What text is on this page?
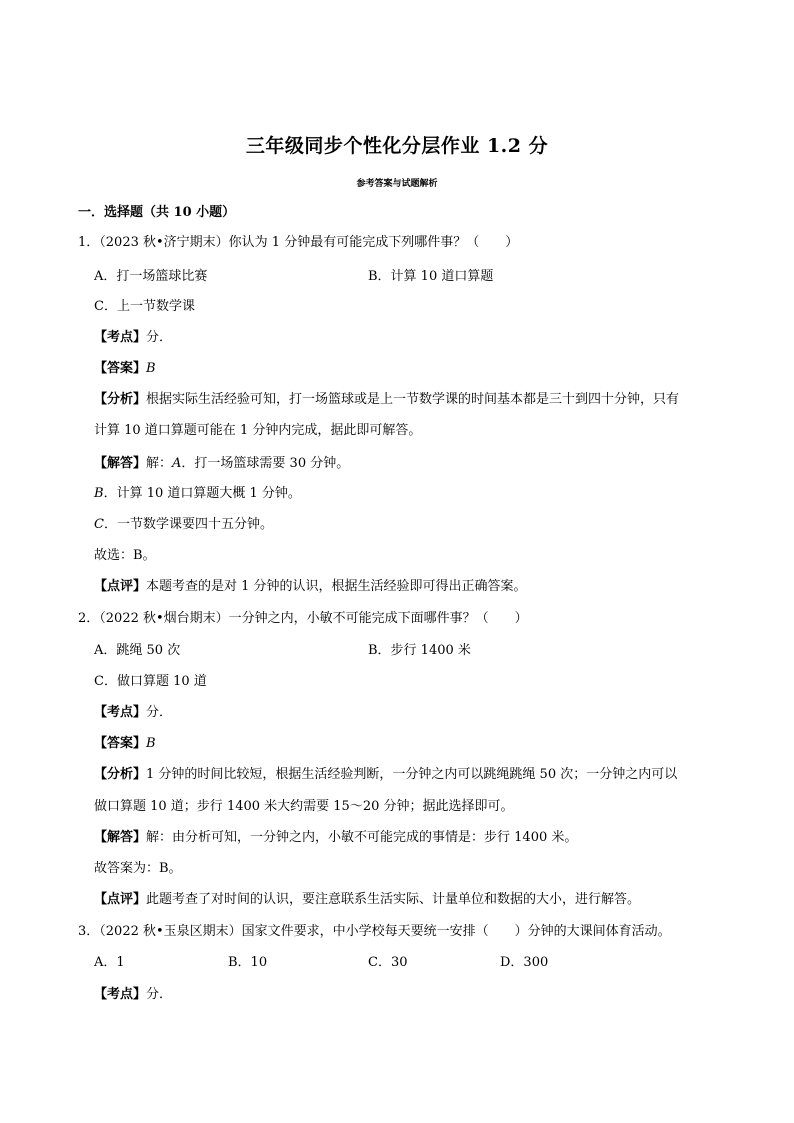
三年级同步个性化分层作业 1.2 分
参考答案与试题解析
一．选择题（共 10 小题）
1．（2023 秋•济宁期末）你认为 1 分钟最有可能完成下列哪件事？（　　）
A．打一场篮球比赛	B．计算 10 道口算题
C．上一节数学课
【考点】分．
【答案】B
【分析】根据实际生活经验可知，打一场篮球或是上一节数学课的时间基本都是三十到四十分钟，只有
计算 10 道口算题可能在 1 分钟内完成，据此即可解答。
【解答】解：A．打一场篮球需要 30 分钟。
B．计算 10 道口算题大概 1 分钟。
C．一节数学课要四十五分钟。
故选：B。
【点评】本题考查的是对 1 分钟的认识，根据生活经验即可得出正确答案。
2．（2022 秋•烟台期末）一分钟之内，小敏不可能完成下面哪件事？（　　）
A．跳绳 50 次	B．步行 1400 米
C．做口算题 10 道
【考点】分．
【答案】B
【分析】1 分钟的时间比较短，根据生活经验判断，一分钟之内可以跳绳跳绳 50 次；一分钟之内可以
做口算题 10 道；步行 1400 米大约需要 15～20 分钟；据此选择即可。
【解答】解：由分析可知，一分钟之内，小敏不可能完成的事情是：步行 1400 米。
故答案为：B。
【点评】此题考查了对时间的认识，要注意联系生活实际、计量单位和数据的大小，进行解答。
3．（2022 秋•玉泉区期末）国家文件要求，中小学校每天要统一安排（　　）分钟的大课间体育活动。
A．1	B．10	C．30	D．300
【考点】分．
